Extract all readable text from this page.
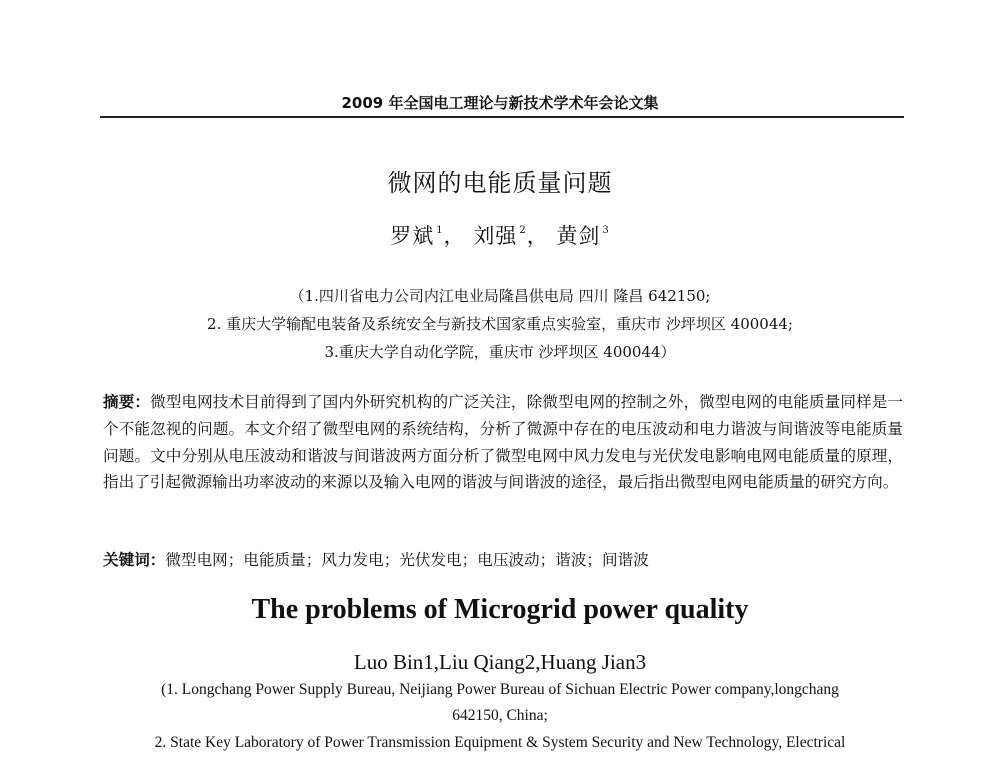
2009 年全国电工理论与新技术学术年会论文集
微网的电能质量问题
罗斌 $^1$， 刘强 $^2$， 黄剑 $^3$
（1.四川省电力公司内江电业局隆昌供电局 四川 隆昌 642150;
2. 重庆大学输配电装备及系统安全与新技术国家重点实验室，重庆市 沙坪坝区 400044;
3.重庆大学自动化学院，重庆市 沙坪坝区 400044）
摘要：微型电网技术目前得到了国内外研究机构的广泛关注，除微型电网的控制之外，微型电网的电能质量同样是一个不能忽视的问题。本文介绍了微型电网的系统结构，分析了微源中存在的电压波动和电力谐波与间谐波等电能质量问题。文中分别从电压波动和谐波与间谐波两方面分析了微型电网中风力发电与光伏发电影响电网电能质量的原理，指出了引起微源输出功率波动的来源以及输入电网的谐波与间谐波的途径，最后指出微型电网电能质量的研究方向。
关键词：微型电网；电能质量；风力发电；光伏发电；电压波动；谐波；间谐波
The problems of Microgrid power quality
Luo Bin1,Liu Qiang2,Huang Jian3
(1. Longchang Power Supply Bureau, Neijiang Power Bureau of Sichuan Electric Power company,longchang
642150, China;
2. State Key Laboratory of Power Transmission Equipment & System Security and New Technology, Electrical
